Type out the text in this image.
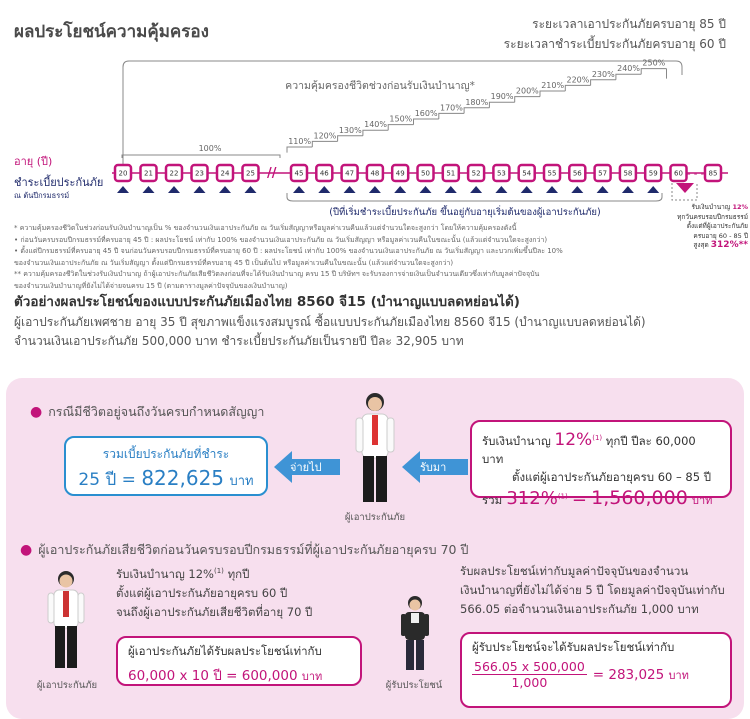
ผลประโยชน์ความคุ้มครอง	ระยะเวลาเอาประกันภัยครบอายุ 85 ปี
ระยะเวลาชำระเบี้ยประกันภัยครบอายุ 60 ปี
ความคุ้มครองชีวิตช่วงก่อนรับเงินบำนาญ*
100%
110%
120%
130%
140%
150%
160%
170%
180%
190%
200%
210%
220%
230%
240%
250%
อายุ (ปี)
ชำระเบี้ยประกันภัย
ณ ต้นปีกรมธรรม์
20 21 22 23 24 25	45 46 47 48 49 50 51 52 53 54 55 56 57 58 59 60	85
//	- - -
(ปีที่เริ่มชำระเบี้ยประกันภัย ขึ้นอยู่กับอายุเริ่มต้นของผู้เอาประกันภัย)	รับเงินบำนาญ 12%
ทุกวันครบรอบปีกรมธรรม์
ตั้งแต่ที่ผู้เอาประกันภัย
ครบอายุ 60 - 85 ปี
สูงสุด 312%**
* ความคุ้มครองชีวิตในช่วงก่อนรับเงินบำนาญเป็น % ของจำนวนเงินเอาประกันภัย ณ วันเริ่มสัญญาหรือมูลค่าเวนคืนแล้วแต่จำนวนใดจะสูงกว่า โดยให้ความคุ้มครองดังนี้
• ก่อนวันครบรอบปีกรมธรรม์ที่ครบอายุ 45 ปี : ผลประโยชน์ เท่ากับ 100% ของจำนวนเงินเอาประกันภัย ณ วันเริ่มสัญญา หรือมูลค่าเวนคืนในขณะนั้น (แล้วแต่จำนวนใดจะสูงกว่า)
• ตั้งแต่ปีกรมธรรม์ที่ครบอายุ 45 ปี จนก่อนวันครบรอบปีกรมธรรม์ที่ครบอายุ 60 ปี : ผลประโยชน์ เท่ากับ 100% ของจำนวนเงินเอาประกันภัย ณ วันเริ่มสัญญา และบวกเพิ่มขึ้นปีละ 10%
ของจำนวนเงินเอาประกันภัย ณ วันเริ่มสัญญา ตั้งแต่ปีกรมธรรม์ที่ครบอายุ 45 ปี เป็นต้นไป หรือมูลค่าเวนคืนในขณะนั้น (แล้วแต่จำนวนใดจะสูงกว่า)
** ความคุ้มครองชีวิตในช่วงรับเงินบำนาญ ถ้าผู้เอาประกันภัยเสียชีวิตลงก่อนที่จะได้รับเงินบำนาญ ครบ 15 ปี บริษัทฯ จะรับรองการจ่ายเงินเป็นจำนวนเดียวซึ่งเท่ากับมูลค่าปัจจุบัน
ของจำนวนเงินบำนาญที่ยังไม่ได้จ่ายจนครบ 15 ปี (ตามตารางมูลค่าปัจจุบันของเงินบำนาญ)
ตัวอย่างผลประโยชน์ของแบบประกันภัยเมืองไทย 8560 จี15 (บำนาญแบบลดหย่อนได้)
ผู้เอาประกันภัยเพศชาย อายุ 35 ปี สุขภาพแข็งแรงสมบูรณ์ ซื้อแบบประกันภัยเมืองไทย 8560 จี15 (บำนาญแบบลดหย่อนได้)
จำนวนเงินเอาประกันภัย 500,000 บาท ชำระเบี้ยประกันภัยเป็นรายปี ปีละ 32,905 บาท
● กรณีมีชีวิตอยู่จนถึงวันครบกำหนดสัญญา
รวมเบี้ยประกันภัยที่ชำระ
25 ปี = 822,625 บาท
จ่ายไป
ผู้เอาประกันภัย
รับมา
รับเงินบำนาญ 12%$^{(1)}$ ทุกปี ปีละ 60,000 บาท
ตั้งแต่ผู้เอาประกันภัยอายุครบ 60 – 85 ปี
รวม 312%$^{(1)}$ = 1,560,000 บาท
● ผู้เอาประกันภัยเสียชีวิตก่อนวันครบรอบปีกรมธรรม์ที่ผู้เอาประกันภัยอายุครบ 70 ปี
ผู้เอาประกันภัย
รับเงินบำนาญ 12%$^{(1)}$ ทุกปี
ตั้งแต่ผู้เอาประกันภัยอายุครบ 60 ปี
จนถึงผู้เอาประกันภัยเสียชีวิตที่อายุ 70 ปี
ผู้เอาประกันภัยได้รับผลประโยชน์เท่ากับ
60,000 x 10 ปี = 600,000 บาท
ผู้รับประโยชน์
รับผลประโยชน์เท่ากับมูลค่าปัจจุบันของจำนวน
เงินบำนาญที่ยังไม่ได้จ่าย 5 ปี โดยมูลค่าปัจจุบันเท่ากับ
566.05 ต่อจำนวนเงินเอาประกันภัย 1,000 บาท
ผู้รับประโยชน์จะได้รับผลประโยชน์เท่ากับ
$\frac{566.05 x 500,000}{1,000} = 283,025$ บาท
